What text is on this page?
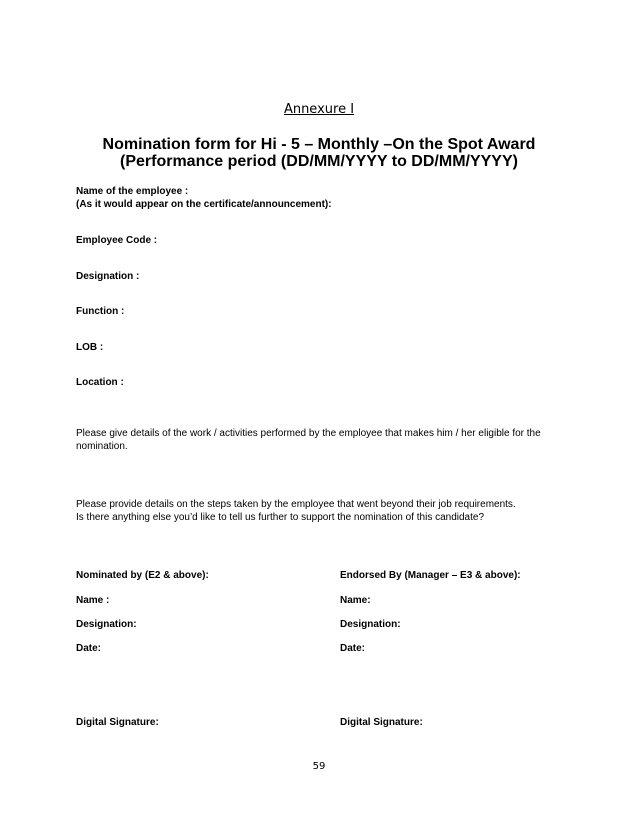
Annexure I
Nomination form for Hi - 5 – Monthly –On the Spot Award
(Performance period (DD/MM/YYYY to DD/MM/YYYY)
Name of the employee :
(As it would appear on the certificate/announcement):
Employee Code :
Designation :
Function :
LOB :
Location :
Please give details of the work / activities performed by the employee that makes him / her eligible for the
nomination.
Please provide details on the steps taken by the employee that went beyond their job requirements.
Is there anything else you’d like to tell us further to support the nomination of this candidate?
Nominated by (E2 & above):
Name :
Designation:
Date:
Digital Signature:
Endorsed By (Manager – E3 & above):
Name:
Designation:
Date:
Digital Signature:
59
